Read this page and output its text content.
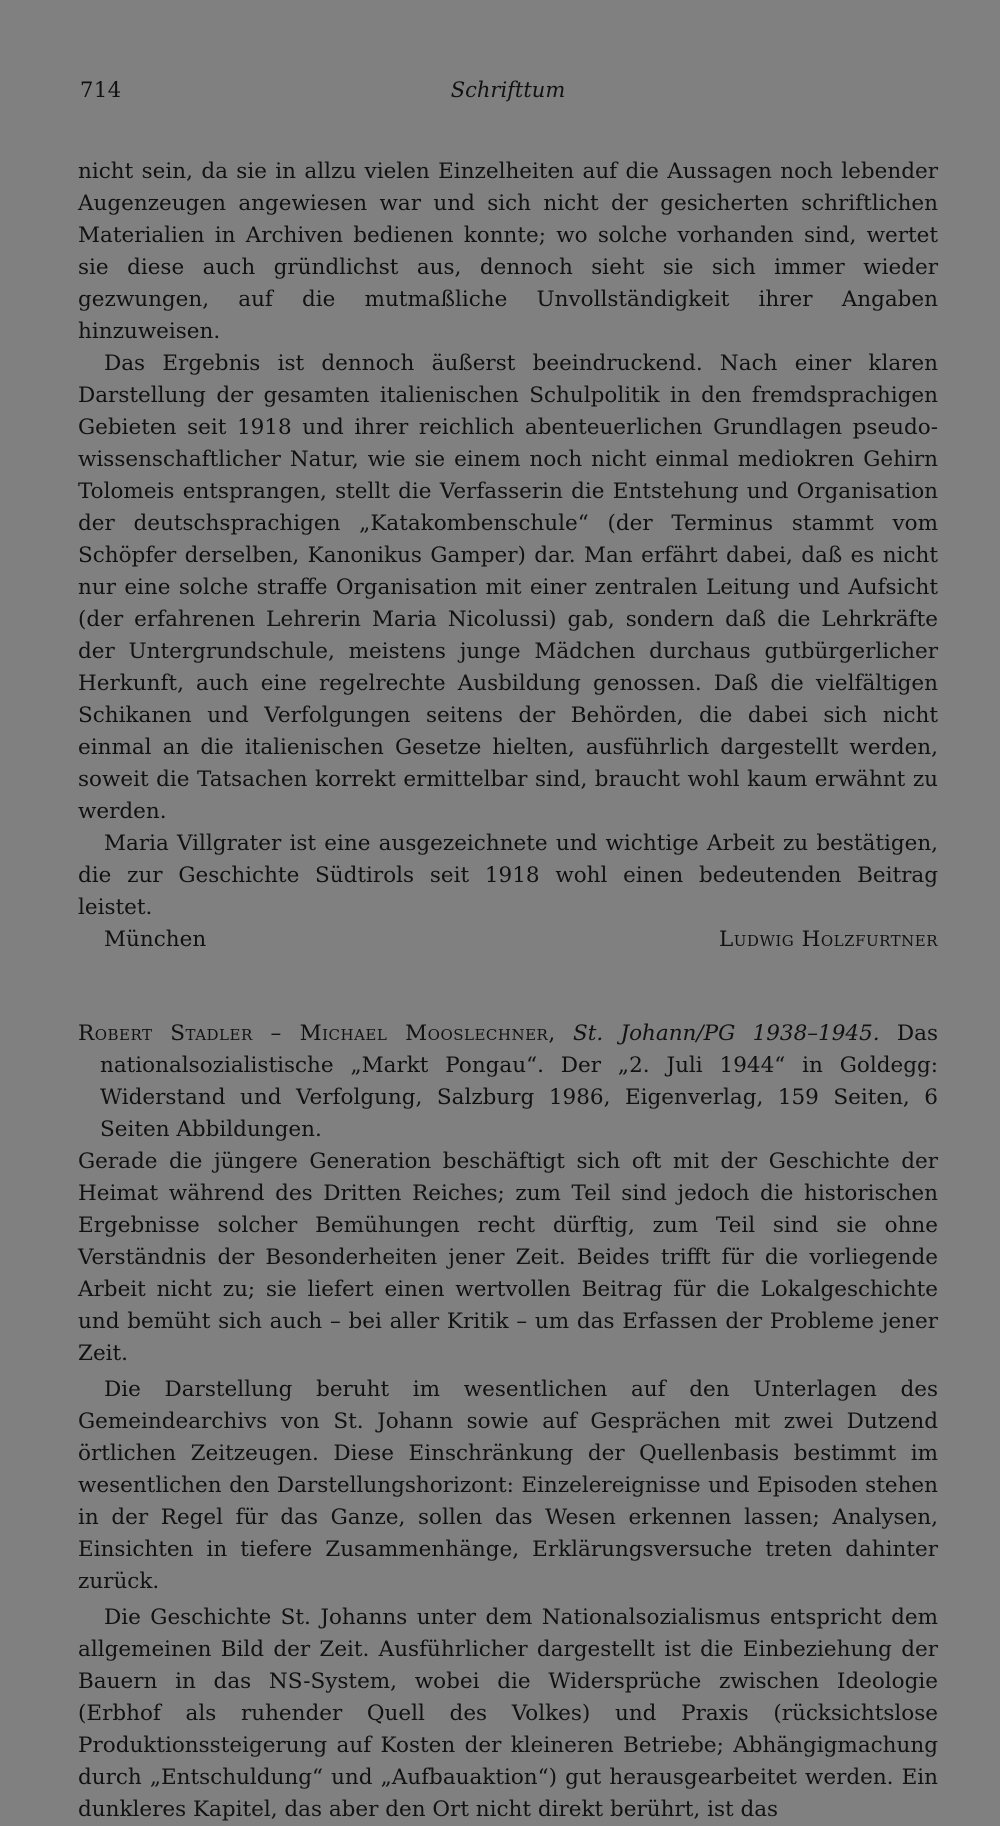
714	Schrifttum

nicht sein, da sie in allzu vielen Einzelheiten auf die Aussagen noch lebender Augenzeugen angewiesen war und sich nicht der gesicherten schriftlichen Materialien in Archiven bedienen konnte; wo solche vorhanden sind, wertet sie diese auch gründlichst aus, dennoch sieht sie sich immer wieder gezwungen, auf die mutmaßliche Unvollständigkeit ihrer Angaben hinzuweisen.

Das Ergebnis ist dennoch äußerst beeindruckend. Nach einer klaren Darstellung der gesamten italienischen Schulpolitik in den fremdsprachigen Gebieten seit 1918 und ihrer reichlich abenteuerlichen Grundlagen pseudo-wissenschaftlicher Natur, wie sie einem noch nicht einmal mediokren Gehirn Tolomeis entsprangen, stellt die Verfasserin die Entstehung und Organisation der deutschsprachigen „Katakombenschule“ (der Terminus stammt vom Schöpfer derselben, Kanonikus Gamper) dar. Man erfährt dabei, daß es nicht nur eine solche straffe Organisation mit einer zentralen Leitung und Aufsicht (der erfahrenen Lehrerin Maria Nicolussi) gab, sondern daß die Lehrkräfte der Untergrundschule, meistens junge Mädchen durchaus gutbürgerlicher Herkunft, auch eine regelrechte Ausbildung genossen. Daß die vielfältigen Schikanen und Verfolgungen seitens der Behörden, die dabei sich nicht einmal an die italienischen Gesetze hielten, ausführlich dargestellt werden, soweit die Tatsachen korrekt ermittelbar sind, braucht wohl kaum erwähnt zu werden.

Maria Villgrater ist eine ausgezeichnete und wichtige Arbeit zu bestätigen, die zur Geschichte Südtirols seit 1918 wohl einen bedeutenden Beitrag leistet.

München	Ludwig Holzfurtner
Robert Stadler – Michael Mooslechner, St. Johann/PG 1938–1945. Das nationalsozialistische „Markt Pongau“. Der „2. Juli 1944“ in Goldegg: Widerstand und Verfolgung, Salzburg 1986, Eigenverlag, 159 Seiten, 6 Seiten Abbildungen.

Gerade die jüngere Generation beschäftigt sich oft mit der Geschichte der Heimat während des Dritten Reiches; zum Teil sind jedoch die historischen Ergebnisse solcher Bemühungen recht dürftig, zum Teil sind sie ohne Verständnis der Besonderheiten jener Zeit. Beides trifft für die vorliegende Arbeit nicht zu; sie liefert einen wertvollen Beitrag für die Lokalgeschichte und bemüht sich auch – bei aller Kritik – um das Erfassen der Probleme jener Zeit.

Die Darstellung beruht im wesentlichen auf den Unterlagen des Gemeindearchivs von St. Johann sowie auf Gesprächen mit zwei Dutzend örtlichen Zeitzeugen. Diese Einschränkung der Quellenbasis bestimmt im wesentlichen den Darstellungshorizont: Einzelereignisse und Episoden stehen in der Regel für das Ganze, sollen das Wesen erkennen lassen; Analysen, Einsichten in tiefere Zusammenhänge, Erklärungsversuche treten dahinter zurück.

Die Geschichte St. Johanns unter dem Nationalsozialismus entspricht dem allgemeinen Bild der Zeit. Ausführlicher dargestellt ist die Einbeziehung der Bauern in das NS-System, wobei die Widersprüche zwischen Ideologie (Erbhof als ruhender Quell des Volkes) und Praxis (rücksichtslose Produktionssteigerung auf Kosten der kleineren Betriebe; Abhängigmachung durch „Entschuldung“ und „Aufbauaktion“) gut herausgearbeitet werden. Ein dunkleres Kapitel, das aber den Ort nicht direkt berührt, ist das
